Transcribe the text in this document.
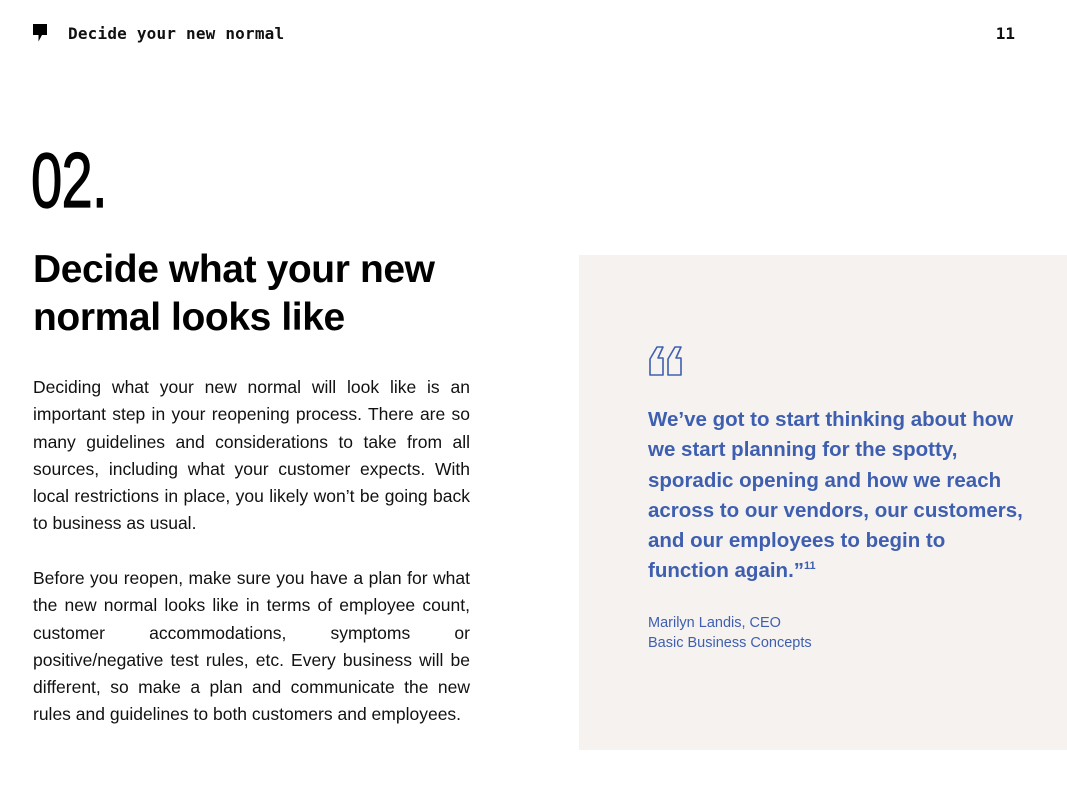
Decide your new normal	11
02.
Decide what your new normal looks like

Deciding what your new normal will look like is an important step in your reopening process. There are so many guidelines and considerations to take from all sources, including what your customer expects. With local restrictions in place, you likely won’t be going back to business as usual.

Before you reopen, make sure you have a plan for what the new normal looks like in terms of employee count, customer accommodations, symptoms or positive/negative test rules, etc. Every business will be different, so make a plan and communicate the new rules and guidelines to both customers and employees.

We’ve got to start thinking about how we start planning for the spotty, sporadic opening and how we reach across to our vendors, our customers, and our employees to begin to function again.”$^{11}$

Marilyn Landis, CEO
Basic Business Concepts
